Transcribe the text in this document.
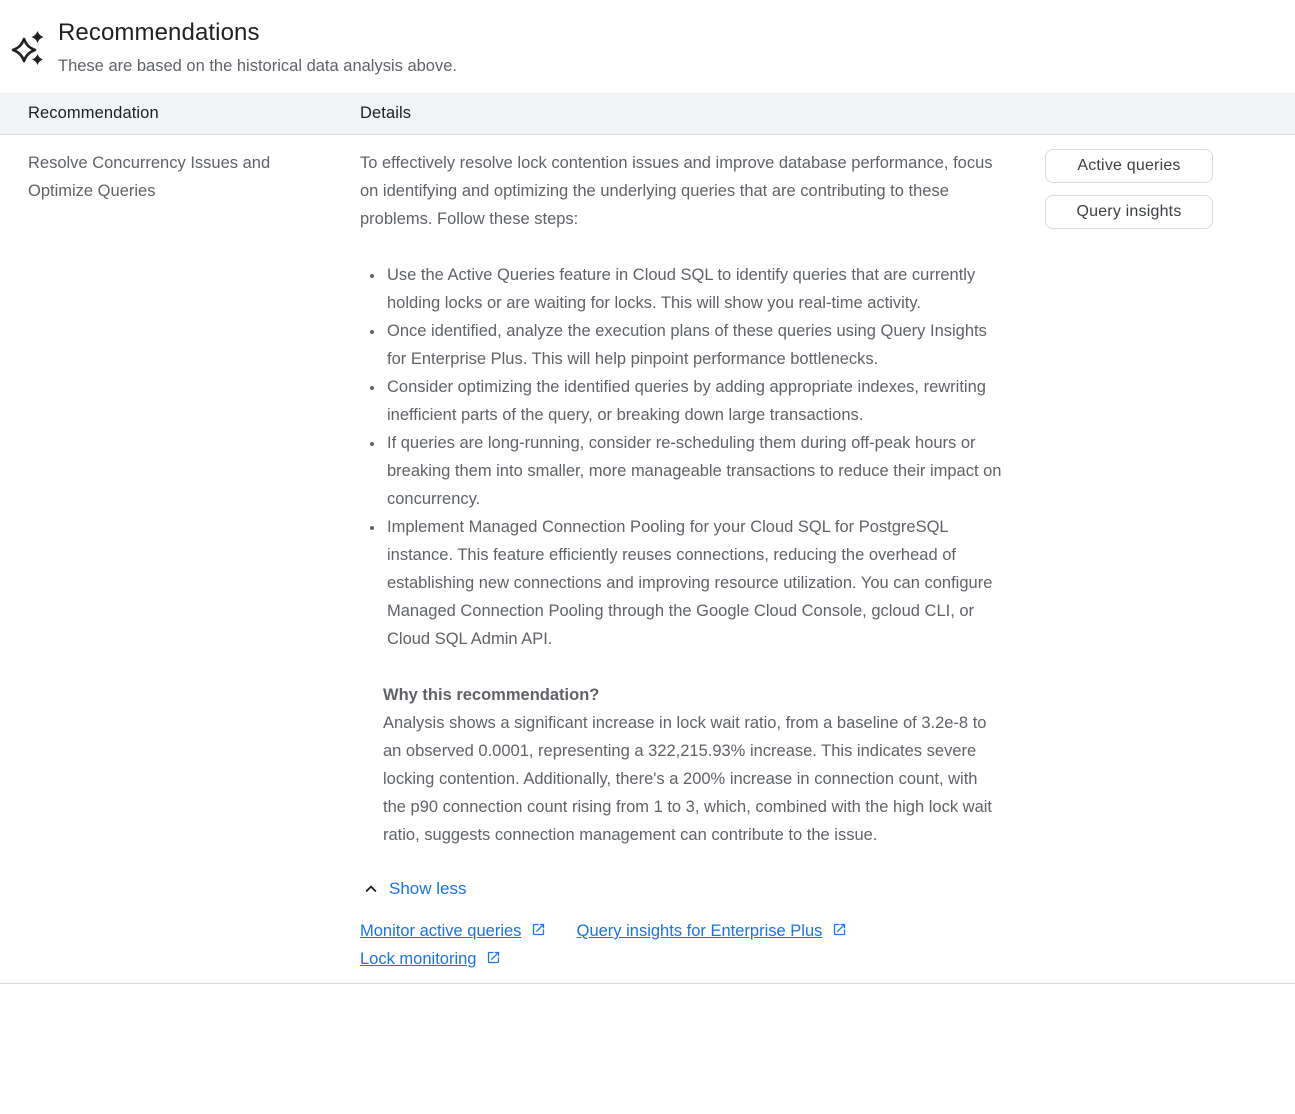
Recommendations

These are based on the historical data analysis above.

Recommendation	Details
Resolve Concurrency Issues and Optimize Queries

To effectively resolve lock contention issues and improve database performance, focus on identifying and optimizing the underlying queries that are contributing to these problems. Follow these steps:

• Use the Active Queries feature in Cloud SQL to identify queries that are currently holding locks or are waiting for locks. This will show you real-time activity.
• Once identified, analyze the execution plans of these queries using Query Insights for Enterprise Plus. This will help pinpoint performance bottlenecks.
• Consider optimizing the identified queries by adding appropriate indexes, rewriting inefficient parts of the query, or breaking down large transactions.
• If queries are long-running, consider re-scheduling them during off-peak hours or breaking them into smaller, more manageable transactions to reduce their impact on concurrency.
• Implement Managed Connection Pooling for your Cloud SQL for PostgreSQL instance. This feature efficiently reuses connections, reducing the overhead of establishing new connections and improving resource utilization. You can configure Managed Connection Pooling through the Google Cloud Console, gcloud CLI, or Cloud SQL Admin API.
Why this recommendation?
Analysis shows a significant increase in lock wait ratio, from a baseline of 3.2e-8 to an observed 0.0001, representing a 322,215.93% increase. This indicates severe locking contention. Additionally, there's a 200% increase in connection count, with the p90 connection count rising from 1 to 3, which, combined with the high lock wait ratio, suggests connection management can contribute to the issue.
Show less
Monitor active queries	Query insights for Enterprise Plus
Lock monitoring
Active queries
Query insights
